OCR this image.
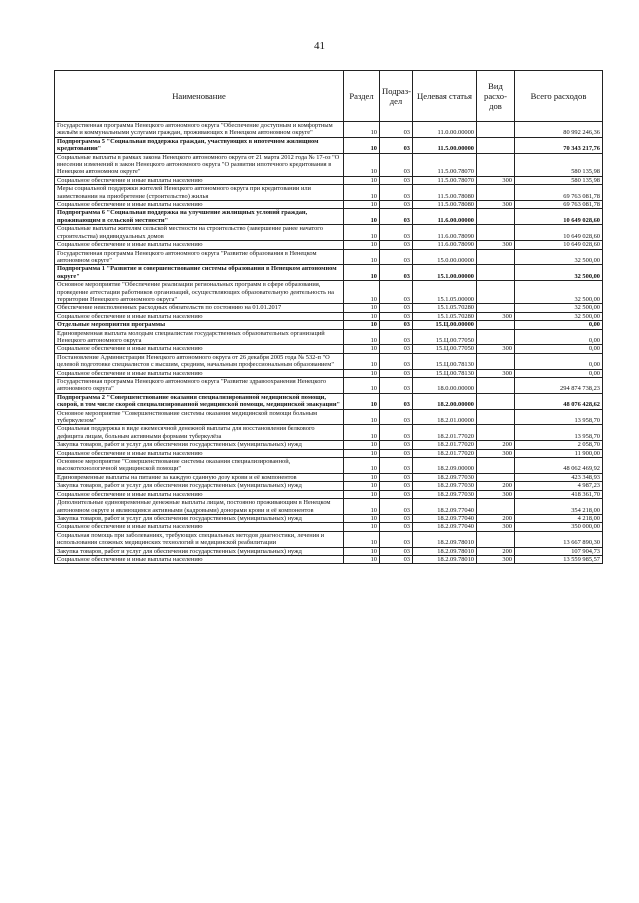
41
Наименование	Раздел	Подраз-дел	Целевая статья	Вид расхо-дов	Всего расходов
Государственная программа Ненецкого автономного округа "Обеспечение доступным и комфортным жильём и коммунальными услугами граждан, проживающих в Ненецком автономном округе"	10	03	11.0.00.00000		80 992 246,36
Подпрограмма 5 "Социальная поддержка граждан, участвующих в ипотечном жилищном кредитовании"	10	03	11.5.00.00000		70 343 217,76
Социальные выплаты в рамках закона Ненецкого автономного округа от 21 марта 2012 года № 17-оз "О внесении изменений в закон Ненецкого автономного округа "О развитии ипотечного кредитования в Ненецком автономном округе"	10	03	11.5.00.78070		580 135,98
Социальное обеспечение и иные выплаты населению	10	03	11.5.00.78070	300	580 135,98
Меры социальной поддержки жителей Ненецкого автономного округа при кредитовании или заимствовании на приобретение (строительство) жилья	10	03	11.5.00.78080		69 763 081,78
Социальное обеспечение и иные выплаты населению	10	03	11.5.00.78080	300	69 763 081,78
Подпрограмма 6 "Социальная поддержка на улучшение жилищных условий граждан, проживающим в сельской местности"	10	03	11.6.00.00000		10 649 028,60
Социальные выплаты жителям сельской местности на строительство (завершение ранее начатого строительства) индивидуальных домов	10	03	11.6.00.78090		10 649 028,60
Социальное обеспечение и иные выплаты населению	10	03	11.6.00.78090	300	10 649 028,60
Государственная программа Ненецкого автономного округа "Развитие образования в Ненецком автономном округе"	10	03	15.0.00.00000		32 500,00
Подпрограмма 1 "Развитие и совершенствование системы образования в Ненецком автономном округе"	10	03	15.1.00.00000		32 500,00
Основное мероприятие "Обеспечение реализации региональных программ в сфере образования, проведение аттестации работников организаций, осуществляющих образовательную деятельность на территории Ненецкого автономного округа"	10	03	15.1.05.00000		32 500,00
Обеспечение неисполненных расходных обязательств по состоянию на 01.01.2017	10	03	15.1.05.70280		32 500,00
Социальное обеспечение и иные выплаты населению	10	03	15.1.05.70280	300	32 500,00
Отдельные мероприятия программы	10	03	15.Ц.00.00000		0,00
Единовременная выплата молодым специалистам государственных образовательных организаций Ненецкого автономного округа	10	03	15.Ц.00.77050		0,00
Социальное обеспечение и иные выплаты населению	10	03	15.Ц.00.77050	300	0,00
Постановление Администрации Ненецкого автономного округа от 26 декабря 2005 года № 532-п "О целевой подготовке специалистов с высшим, средним, начальным профессиональным образованием"	10	03	15.Ц.00.78130		0,00
Социальное обеспечение и иные выплаты населению	10	03	15.Ц.00.78130	300	0,00
Государственная программа Ненецкого автономного округа "Развитие здравоохранения Ненецкого автономного округа"	10	03	18.0.00.00000		294 874 738,23
Подпрограмма 2 "Совершенствование оказания специализированной медицинской помощи, скорой, в том числе скорой специализированной медицинской помощи, медицинской эвакуации"	10	03	18.2.00.00000		48 076 428,62
Основное мероприятие "Совершенствование системы оказания медицинской помощи больным туберкулезом"	10	03	18.2.01.00000		13 958,70
Социальная поддержка в виде ежемесячной денежной выплаты для восстановления белкового дефицита лицам, больным активными формами туберкулёза	10	03	18.2.01.77020		13 958,70
Закупка товаров, работ и услуг для обеспечения государственных (муниципальных) нужд	10	03	18.2.01.77020	200	2 058,70
Социальное обеспечение и иные выплаты населению	10	03	18.2.01.77020	300	11 900,00
Основное мероприятие "Совершенствование системы оказания специализированной, высокотехнологичной медицинской помощи"	10	03	18.2.09.00000		48 062 469,92
Единовременные выплаты на питание за каждую сданную дозу крови и её компонентов	10	03	18.2.09.77030		423 348,93
Закупка товаров, работ и услуг для обеспечения государственных (муниципальных) нужд	10	03	18.2.09.77030	200	4 987,23
Социальное обеспечение и иные выплаты населению	10	03	18.2.09.77030	300	418 361,70
Дополнительные единовременные денежные выплаты лицам, постоянно проживающим в Ненецком автономном округе и являющимся активными (кадровыми) донорами крови и её компонентов	10	03	18.2.09.77040		354 218,00
Закупка товаров, работ и услуг для обеспечения государственных (муниципальных) нужд	10	03	18.2.09.77040	200	4 218,00
Социальное обеспечение и иные выплаты населению	10	03	18.2.09.77040	300	350 000,00
Социальная помощь при заболеваниях, требующих специальных методов диагностики, лечения и использования сложных медицинских технологий и медицинской реабилитации	10	03	18.2.09.78010		13 667 890,30
Закупка товаров, работ и услуг для обеспечения государственных (муниципальных) нужд	10	03	18.2.09.78010	200	107 904,73
Социальное обеспечение и иные выплаты населению	10	03	18.2.09.78010	300	13 559 985,57
